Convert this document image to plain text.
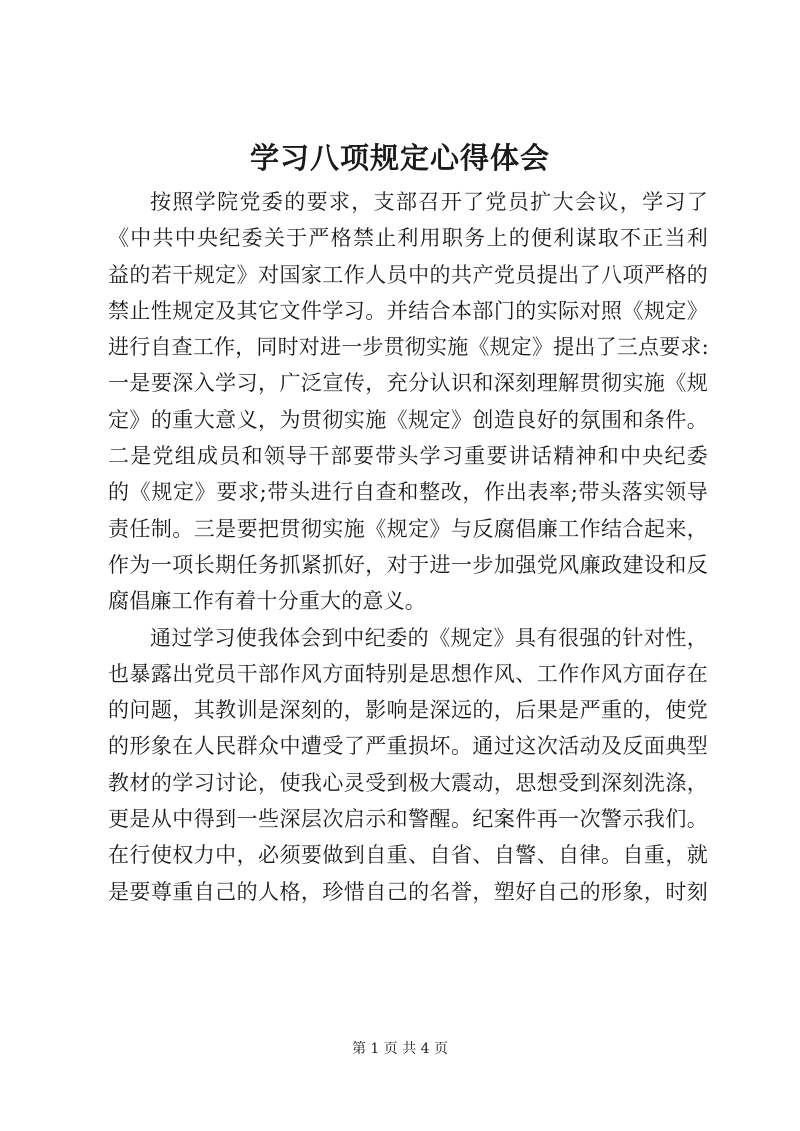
学习八项规定心得体会
按照学院党委的要求，支部召开了党员扩大会议，学习了
《中共中央纪委关于严格禁止利用职务上的便利谋取不正当利
益的若干规定》对国家工作人员中的共产党员提出了八项严格的
禁止性规定及其它文件学习。并结合本部门的实际对照《规定》
进行自查工作，同时对进一步贯彻实施《规定》提出了三点要求:
一是要深入学习，广泛宣传，充分认识和深刻理解贯彻实施《规
定》的重大意义，为贯彻实施《规定》创造良好的氛围和条件。
二是党组成员和领导干部要带头学习重要讲话精神和中央纪委
的《规定》要求;带头进行自查和整改，作出表率;带头落实领导
责任制。三是要把贯彻实施《规定》与反腐倡廉工作结合起来，
作为一项长期任务抓紧抓好，对于进一步加强党风廉政建设和反
腐倡廉工作有着十分重大的意义。
通过学习使我体会到中纪委的《规定》具有很强的针对性，
也暴露出党员干部作风方面特别是思想作风、工作作风方面存在
的问题，其教训是深刻的，影响是深远的，后果是严重的，使党
的形象在人民群众中遭受了严重损坏。通过这次活动及反面典型
教材的学习讨论，使我心灵受到极大震动，思想受到深刻洗涤，
更是从中得到一些深层次启示和警醒。纪案件再一次警示我们。
在行使权力中，必须要做到自重、自省、自警、自律。自重，就
是要尊重自己的人格，珍惜自己的名誉，塑好自己的形象，时刻
第 1 页 共 4 页
